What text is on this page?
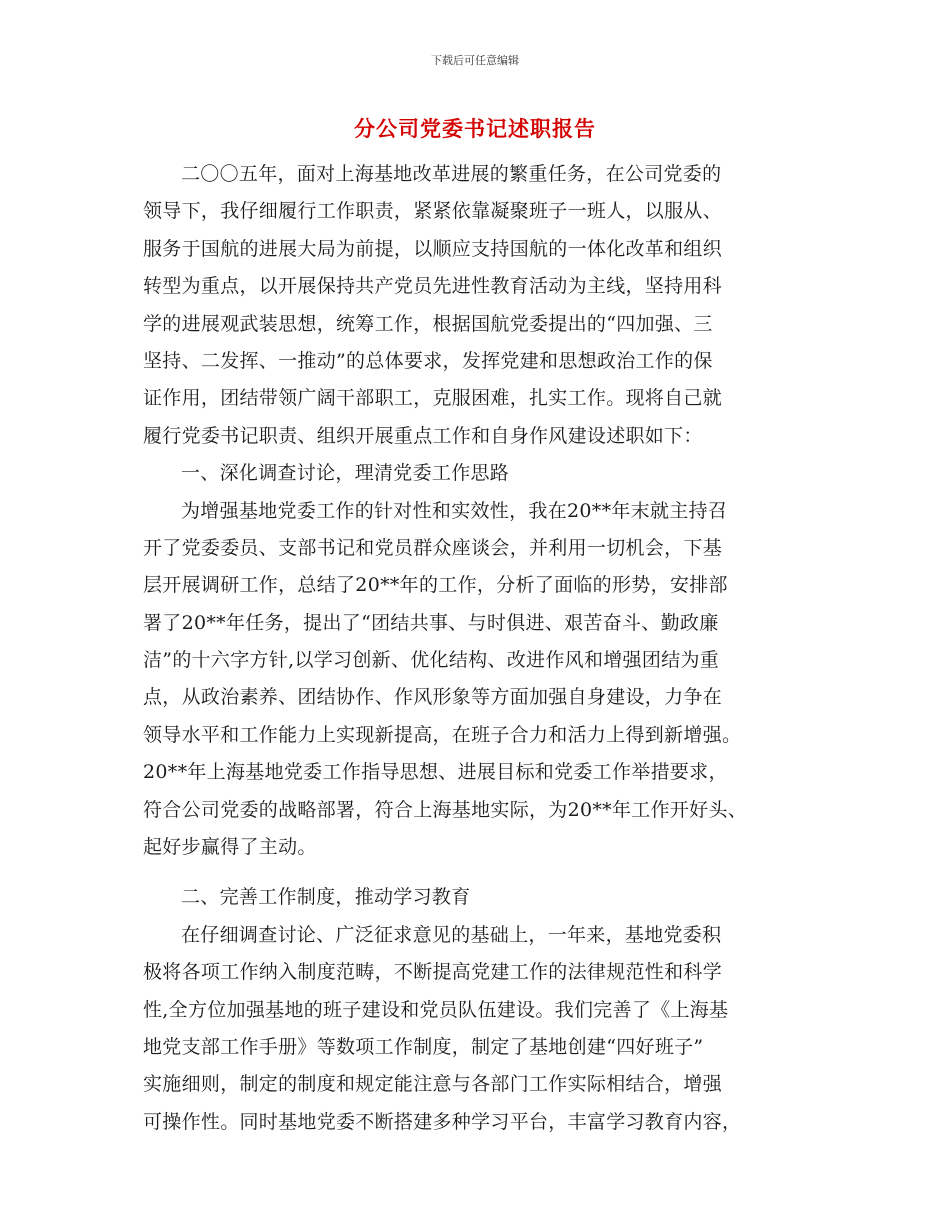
下载后可任意编辑
分公司党委书记述职报告
二〇〇五年，面对上海基地改革进展的繁重任务，在公司党委的
领导下，我仔细履行工作职责，紧紧依靠凝聚班子一班人，以服从、
服务于国航的进展大局为前提，以顺应支持国航的一体化改革和组织
转型为重点，以开展保持共产党员先进性教育活动为主线，坚持用科
学的进展观武装思想，统筹工作，根据国航党委提出的“四加强、三
坚持、二发挥、一推动”的总体要求，发挥党建和思想政治工作的保
证作用，团结带领广阔干部职工，克服困难，扎实工作。现将自己就
履行党委书记职责、组织开展重点工作和自身作风建设述职如下：
一、深化调查讨论，理清党委工作思路
为增强基地党委工作的针对性和实效性，我在20**年末就主持召
开了党委委员、支部书记和党员群众座谈会，并利用一切机会，下基
层开展调研工作，总结了20**年的工作，分析了面临的形势，安排部
署了20**年任务，提出了“团结共事、与时俱进、艰苦奋斗、勤政廉
洁”的十六字方针,以学习创新、优化结构、改进作风和增强团结为重
点，从政治素养、团结协作、作风形象等方面加强自身建设，力争在
领导水平和工作能力上实现新提高，在班子合力和活力上得到新增强。
20**年上海基地党委工作指导思想、进展目标和党委工作举措要求，
符合公司党委的战略部署，符合上海基地实际，为20**年工作开好头、
起好步赢得了主动。
二、完善工作制度，推动学习教育
在仔细调查讨论、广泛征求意见的基础上，一年来，基地党委积
极将各项工作纳入制度范畴，不断提高党建工作的法律规范性和科学
性,全方位加强基地的班子建设和党员队伍建设。我们完善了《上海基
地党支部工作手册》等数项工作制度，制定了基地创建“四好班子”
实施细则，制定的制度和规定能注意与各部门工作实际相结合，增强
可操作性。同时基地党委不断搭建多种学习平台，丰富学习教育内容，
